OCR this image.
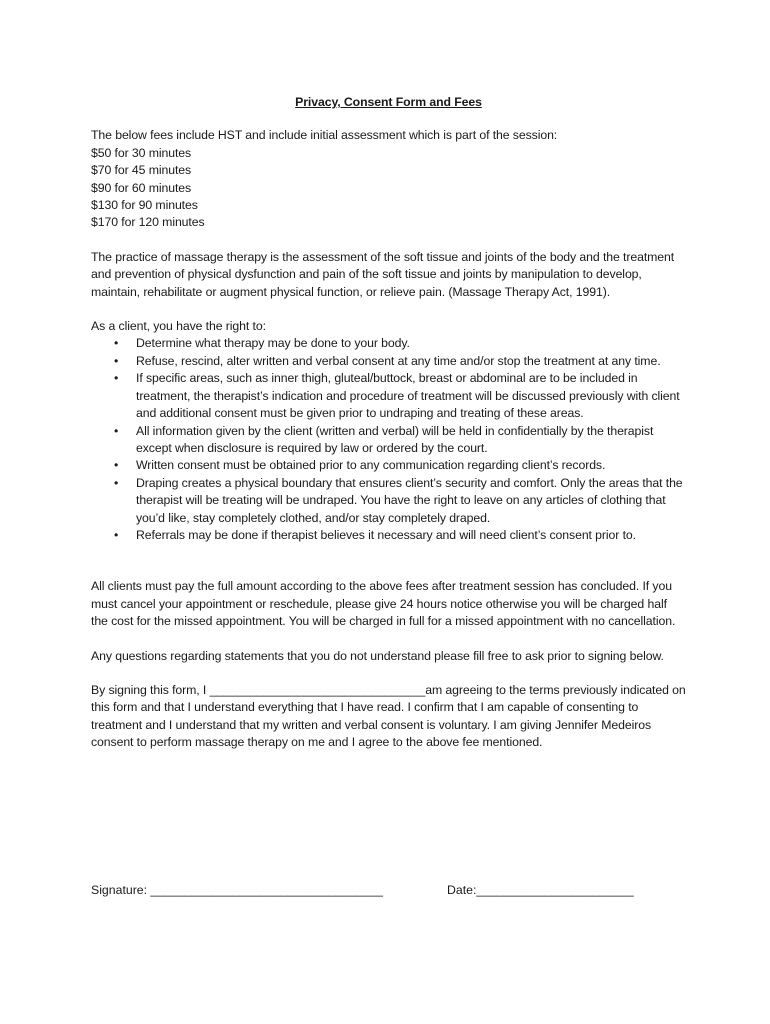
Privacy, Consent Form and Fees

The below fees include HST and include initial assessment which is part of the session:

$50 for 30 minutes
$70 for 45 minutes
$90 for 60 minutes
$130 for 90 minutes
$170 for 120 minutes

The practice of massage therapy is the assessment of the soft tissue and joints of the body and the treatment and prevention of physical dysfunction and pain of the soft tissue and joints by manipulation to develop, maintain, rehabilitate or augment physical function, or relieve pain. (Massage Therapy Act, 1991).

As a client, you have the right to:

• Determine what therapy may be done to your body.
• Refuse, rescind, alter written and verbal consent at any time and/or stop the treatment at any time.
• If specific areas, such as inner thigh, gluteal/buttock, breast or abdominal are to be included in treatment, the therapist’s indication and procedure of treatment will be discussed previously with client and additional consent must be given prior to undraping and treating of these areas.
• All information given by the client (written and verbal) will be held in confidentially by the therapist except when disclosure is required by law or ordered by the court.
• Written consent must be obtained prior to any communication regarding client’s records.
• Draping creates a physical boundary that ensures client’s security and comfort. Only the areas that the therapist will be treating will be undraped. You have the right to leave on any articles of clothing that you’d like, stay completely clothed, and/or stay completely draped.
• Referrals may be done if therapist believes it necessary and will need client’s consent prior to.

All clients must pay the full amount according to the above fees after treatment session has concluded. If you must cancel your appointment or reschedule, please give 24 hours notice otherwise you will be charged half the cost for the missed appointment. You will be charged in full for a missed appointment with no cancellation.

Any questions regarding statements that you do not understand please fill free to ask prior to signing below.

By signing this form, I ________________________________am agreeing to the terms previously indicated on this form and that I understand everything that I have read. I confirm that I am capable of consenting to treatment and I understand that my written and verbal consent is voluntary. I am giving Jennifer Medeiros consent to perform massage therapy on me and I agree to the above fee mentioned.

Signature: __________________________________	Date:_______________________
